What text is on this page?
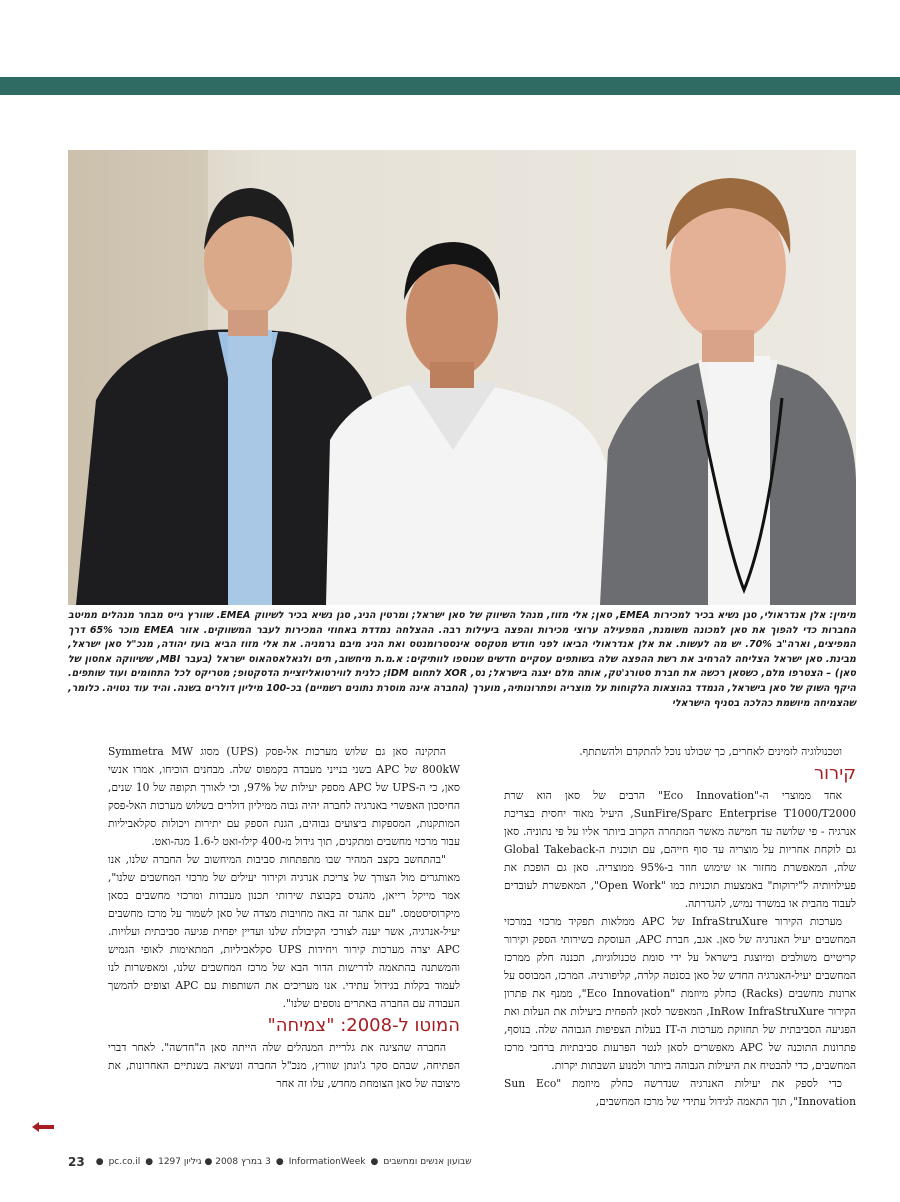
מימין: אלן אנדראולי, סגן נשיא בכיר למכירות EMEA, סאן; אלי מזוז, מנהל השיווק של סאן ישראל; ומרטין הניג, סגן נשיא בכיר לשיווק EMEA. שוורץ גייס מבחר מנהלים ממיטב החברות כדי להפוך את סאן למכונה משומנת, המפעילה ערוצי מכירות והפצה ביעילות רבה. ההצלחה נמדדת באחוזי המכירות לעבר המשווקים. אזור EMEA מוכר 65% דרך המפיצים, וארה"ב 70%. יש מה לעשות. את אלן אנדראולי הביאו לפני חודש מטקסס אינסטרומנטס ואת הניג מיבם גרמניה. את אלי מזוז הביא בועז יהודה, מנכ"ל סאן ישראל, מבינת. סאן ישראל הצליחה להרחיב את רשת ההפצה שלה בשותפים עסקיים חדשים שנוספו לוותיקים: א.מ.ת מיחשוב, תים ולגאלאסהאוס ישראל (בעבר MBI, ששיווקה אחסון של סאן) – הצטרפו מלם, כשסאן רכשה את חברת סטורג'טק, אותה מלם יצגה בישראל; נס, XOR לתחום IDM; כלנית לווירטואליזציית הדסקטופ; מטריקס לכל התחומים ועוד שותפים. היקף השוק של סאן בישראל, הנמדד בהוצאות הלקוחות על מוצריה ופתרונותיה, מוערך (החברה אינה מוסרת נתונים רשמיים) בכ-100 מיליון דולרים בשנה. והיד עוד נטויה. כלומר, שהצמיחה מיושמת כהלכה בסניף הישראלי

וטכנולוגיה לזמינים לאחרים, כך שכולנו נוכל להתקדם ולהשתתף.

קירור

אחד ממוצרי ה-"Eco Innovation" הרבים של סאן הוא שרת SunFire/Sparc Enterprise T1000/T2000, היעיל מאוד יחסית בצריכת אנרגיה - פי שלושה עד חמישה מאשר המתחרה הקרוב ביותר אליו על פי נתוניה. סאן גם לוקחת אחריות על מוצריה עד סוף חייהם, עם תוכנית ה-Global Takeback שלה, המאפשרת מחזור או שימוש חוזר ב-95% ממוצריה. סאן גם הופכת את פעילויותיה ל"ירוקות" באמצעות תוכניות כמו "Open Work", המאפשרת לעובדים לעבוד מהבית או במשרד נמיש, להגדרתה.

מערכות הקירור InfraStruXure של APC ממלאות תפקיד מרכזי במרכזי המחשבים יעיל האנרגיה של סאן. אגב, חברת APC, העוסקת בשירותי הספק וקירור קריטיים משולבים ומיוצגת בישראל על ידי סומת טכנולוגיות, תכננה חלק ממרכז המחשבים יעיל-האנרגיה החדש של סאן בסנטה קלרה, קליפורניה. המרכז, המבוסס על ארונות מחשבים (Racks) כחלק מיוזמת "Eco Innovation", ממנף את פתרון הקירור InRow InfraStruXure, המאפשר לסאן להפחית ביעילות את העלות ואת הפגיעה הסביבתית של תחזוקת מערכות ה-IT בעלות הצפיפות הגבוהה שלה. בנוסף, פתרונות התוכנה של APC מאפשרים לסאן לנטר הפרעות סביבתיות ברחבי מרכז המחשבים, כדי להבטיח את היעילות הגבוהה ביותר ולמנוע השבתות יקרות.

כדי לספק את יעילות האנרגיה שנדרשה כחלק מיוזמת "Sun Eco Innovation", תוך התאמה לגידול עתידי של מרכז המחשבים,

התקינה סאן גם שלוש מערכות אל-פסק (UPS) מסוג Symmetra MW 800kW של APC בשני בנייני מעבדה בקמפוס שלה. מבחנים הוכיחו, אמרו אנשי סאן, כי ה-UPS של APC מספק יעילות של 97%, וכי לאורך תקופה של 10 שנים, החיסכון האפשרי באנרגיה לחברה יהיה גבוה ממיליון דולרים בשלוש מערכות האל-פסק המותקנות, המספקות ביצועים גבוהים, הגנת הספק עם יתירות ויכולות סקלאביליות עבור מרכזי מחשבים ומתקנים, תוך גידול מ-400 קילו-ואט ל-1.6 מגה-ואט.

"בהתחשב בקצב המהיר שבו מתפתחות סביבות המיחשוב של החברה שלנו, אנו מאותגרים מול הצורך של צריכת אנרגיה וקירור יעילים של מרכזי המחשבים שלנו", אמר מייקל רייאן, מהנדס בקבוצת שירותי תכנון מעבדות ומרכזי מחשבים בסאן מיקרוסיסטמס. "עם אתגר זה באה מחויבות מצדה של סאן לשמור על מרכז מחשבים יעיל-אנרגיה, אשר יענה לצורכי הקיבולת שלנו ועדיין יפחית פגיעה סביבתית ועלויות. APC יצרה מערכות קירור ויחידות UPS סקלאביליות, המתאימות לאופי הגמיש והמשתנה בהתאמה לדרישות הדור הבא של מרכז המחשבים שלנו, ומאפשרות לנו לעמוד בקלות בגידול עתידי. אנו מעריכים את השותפות עם APC וצופים להמשך העבודה עם החברה באתרים נוספים שלנו".

המוטו ל-2008: "צמיחה"

החברה שהציגה את גלריית המנהלים שלה הייתה סאן ה"חדשה". לאחר דברי הפתיחה, שבהם סקר ג'ונתן שוורץ, מנכ"ל החברה ונשיאה בשנתיים האחרונות, את מיצובה של סאן הצומחת מחדש, עלו זה אחר

23 ● pc.co.il ● 3 במרץ 2008 ● גיליון 1297 ● InformationWeek ● שבועון אנשים ומחשבים
